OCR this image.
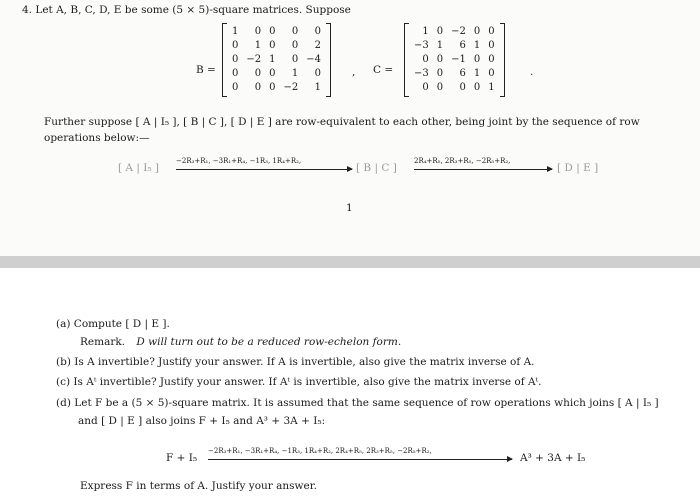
4. Let A, B, C, D, E be some (5 × 5)-square matrices. Suppose
B =
1	0	0	0	0
0	1	0	0	2
0	−2	1	0	−4
0	0	0	1	0
0	0	0	−2	1
, C =
1	0	−2	0	0
−3	1	6	1	0
0	0	−1	0	0
−3	0	6	1	0
0	0	0	0	1
.
Further suppose [ A | I₅ ], [ B | C ], [ D | E ] are row-equivalent to each other, being joint by the sequence of row
operations below:—
[ A | I₅ ]
−2R₃+R₁, −3R₁+R₄, −1R₃, 1R₄+R₂,
[ B | C ]
2R₄+R₅, 2R₃+R₅, −2R₅+R₂,
[ D | E ]
1
(a) Compute [ D | E ].
Remark. D will turn out to be a reduced row-echelon form.
(b) Is A invertible? Justify your answer. If A is invertible, also give the matrix inverse of A.
(c) Is Aᵗ invertible? Justify your answer. If Aᵗ is invertible, also give the matrix inverse of Aᵗ.
(d) Let F be a (5 × 5)-square matrix. It is assumed that the same sequence of row operations which joins [ A | I₅ ]
and [ D | E ] also joins F + I₅ and A³ + 3A + I₅:
F + I₅
−2R₃+R₁, −3R₁+R₄, −1R₃, 1R₄+R₂, 2R₄+R₅, 2R₃+R₅, −2R₅+R₂,
A³ + 3A + I₅
Express F in terms of A. Justify your answer.
